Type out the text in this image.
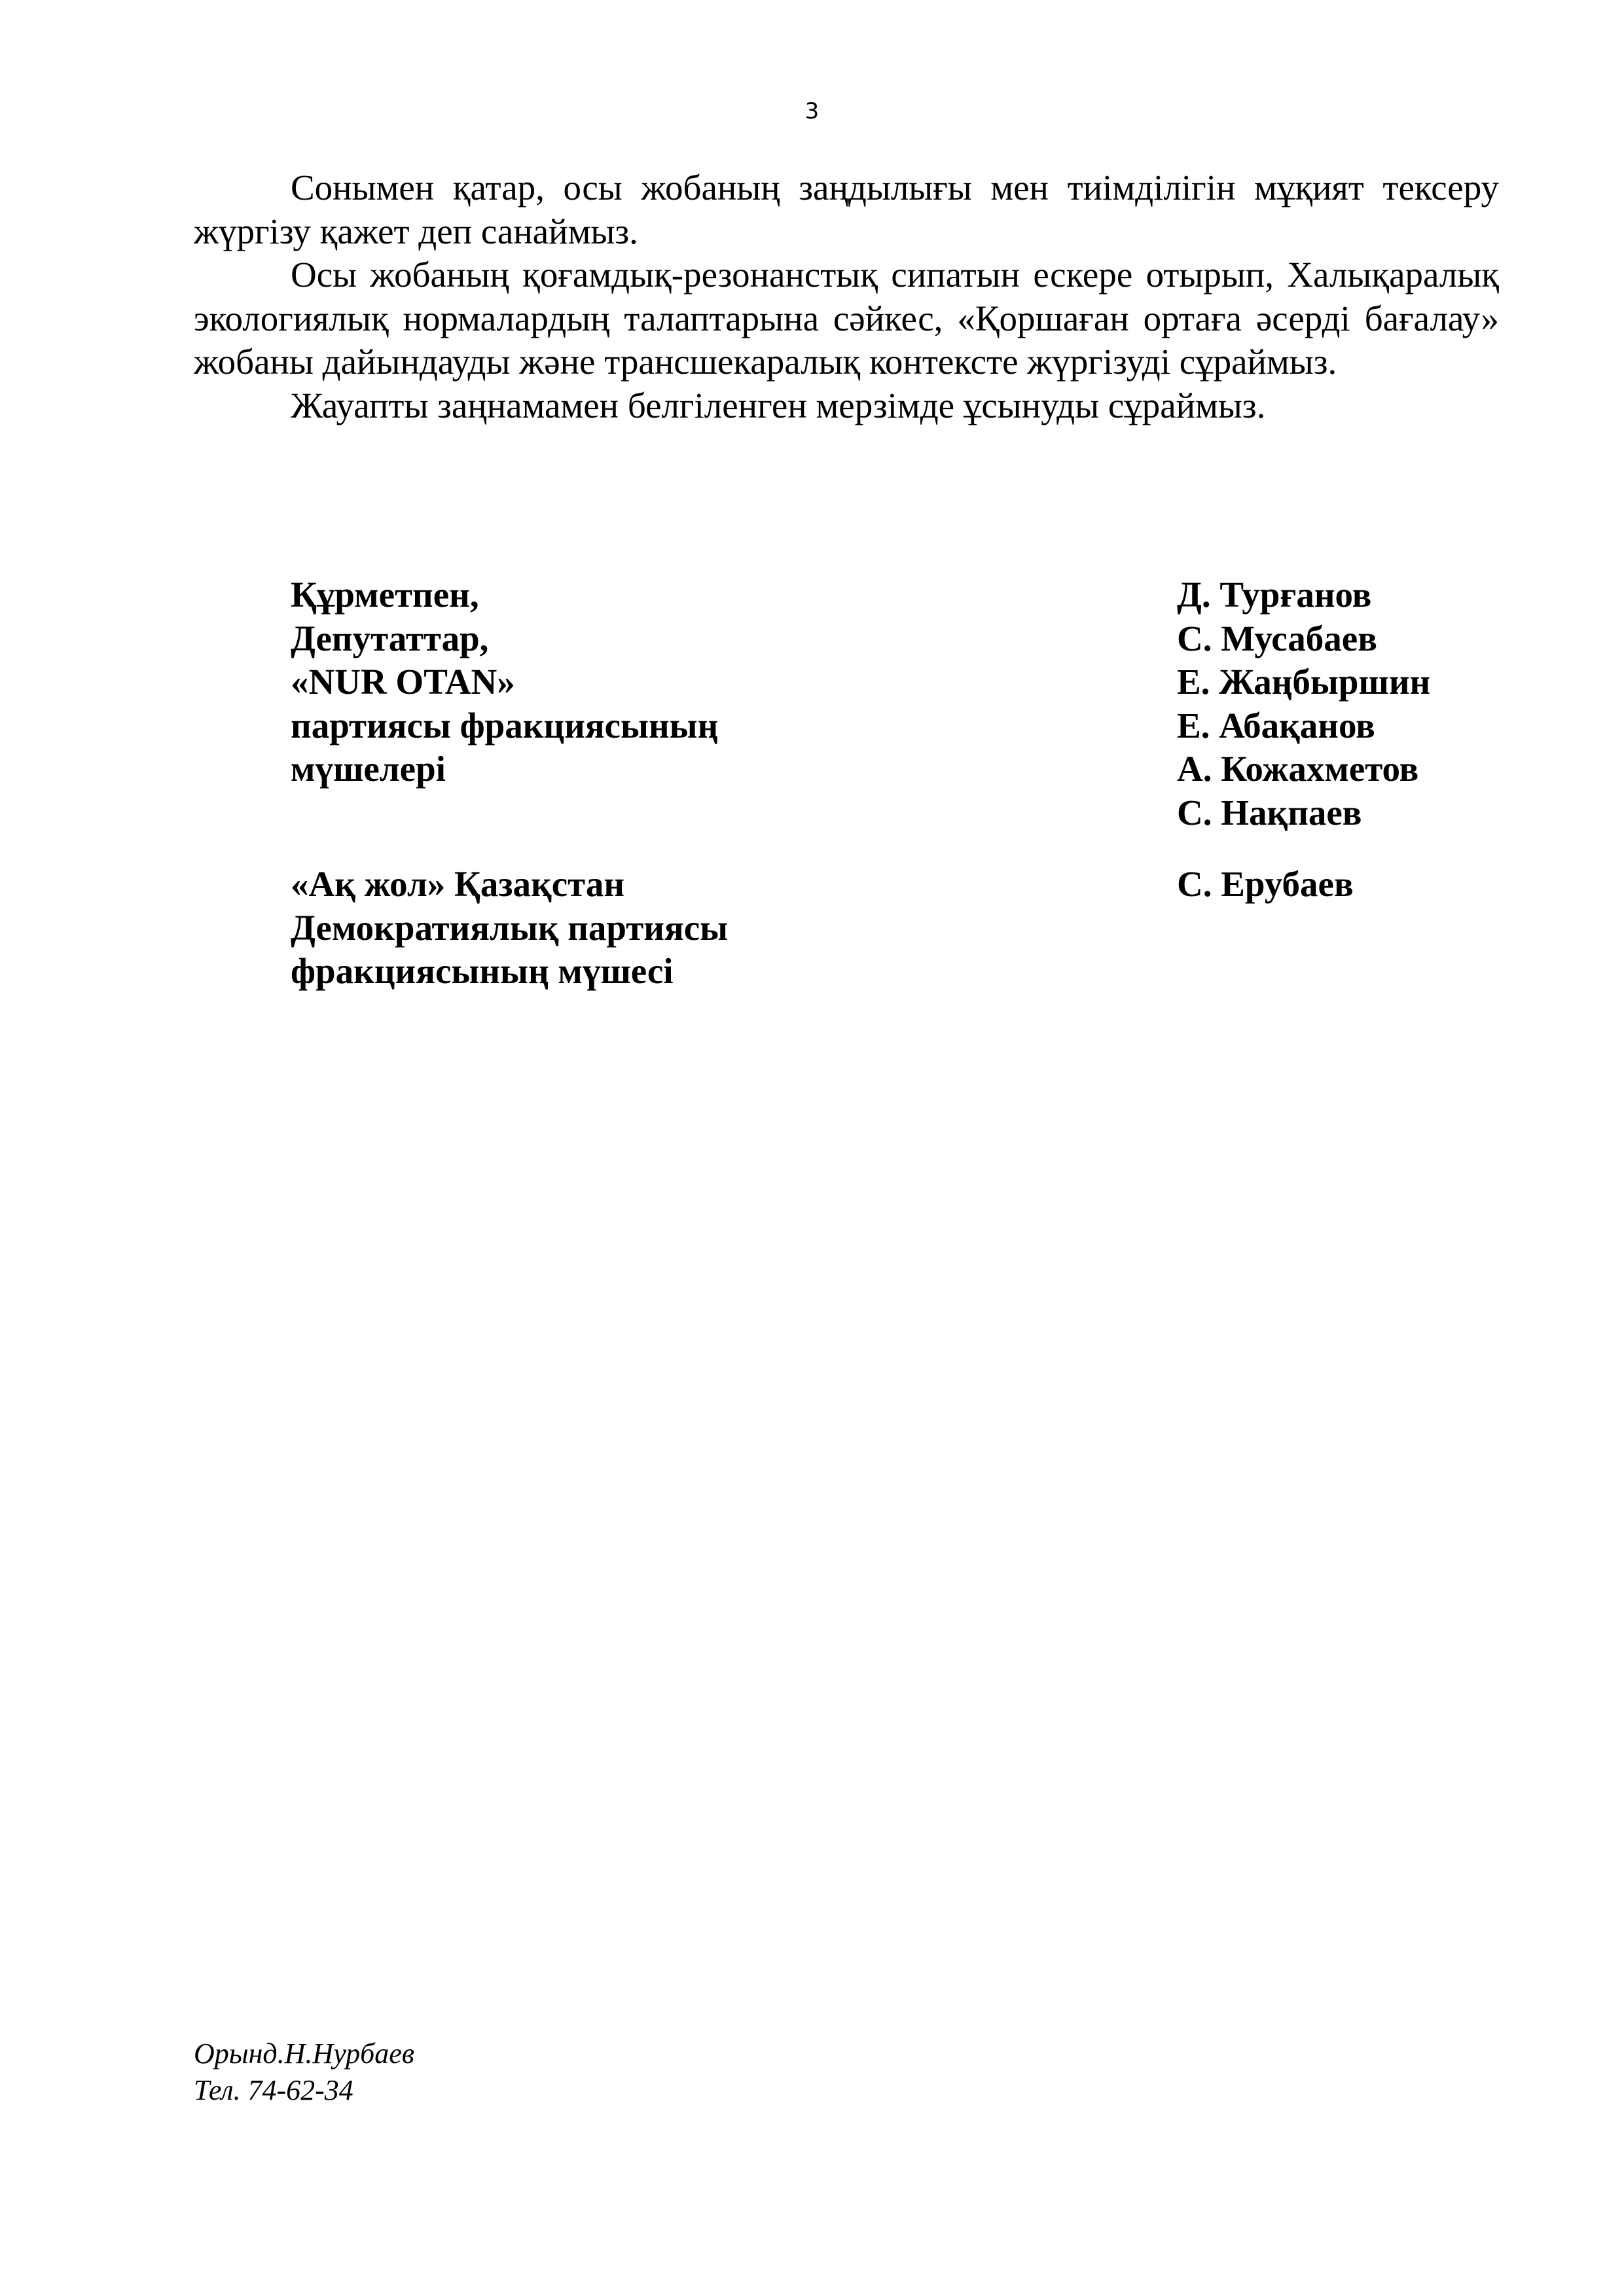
3

Сонымен қатар, осы жобаның заңдылығы мен тиімділігін мұқият тексеру жүргізу қажет деп санаймыз.

Осы жобаның қоғамдық-резонанстық сипатын ескере отырып, Халықаралық экологиялық нормалардың талаптарына сәйкес, «Қоршаған ортаға әсерді бағалау» жобаны дайындауды және трансшекаралық контексте жүргізуді сұраймыз.

Жауапты заңнамамен белгіленген мерзімде ұсынуды сұраймыз.

Құрметпен,
Депутаттар,
«NUR OTAN»
партиясы фракциясының
мүшелері
Д. Турғанов
С. Мусабаев
Е. Жаңбыршин
Е. Абақанов
А. Кожахметов
С. Нақпаев
«Ақ жол» Қазақстан
Демократиялық партиясы
фракциясының мүшесі
С. Ерубаев
Орынд.Н.Нурбаев
Тел. 74-62-34
